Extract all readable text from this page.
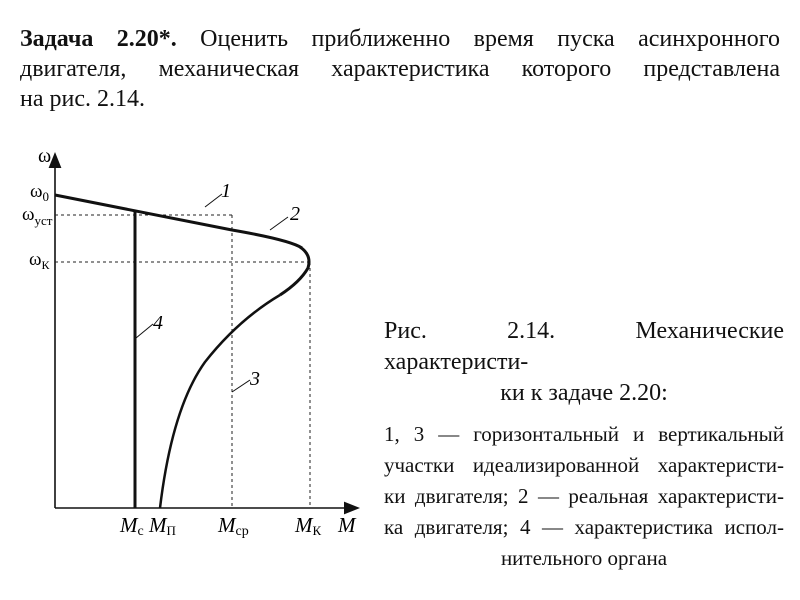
Задача 2.20*. Оценить приближенно время пуска асинхронного
двигателя, механическая характеристика которого представлена
на рис. 2.14.
1
2
3
4
ω
M
$\omega_0$
$\omega_{уст}$
$\omega_К$
Mс MП Mср MК
Рис. 2.14. Механические характеристи-
ки к задаче 2.20:
1, 3 — горизонтальный и вертикальный
участки идеализированной характеристи-
ки двигателя; 2 — реальная характеристи-
ка двигателя; 4 — характеристика испол-
нительного органа
